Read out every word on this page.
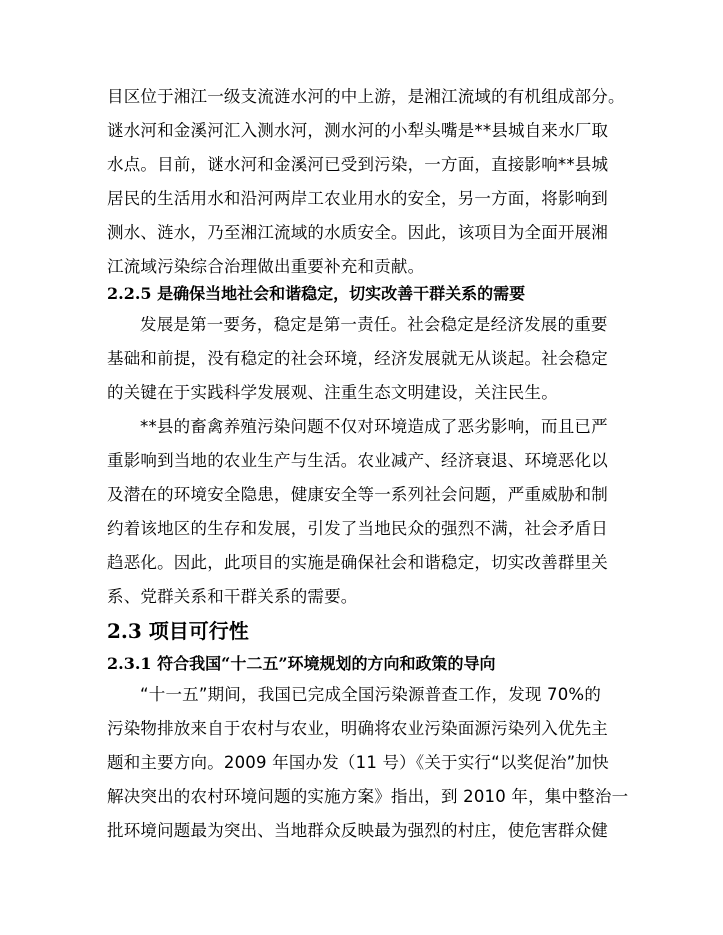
目区位于湘江一级支流涟水河的中上游，是湘江流域的有机组成部分。
谜水河和金溪河汇入测水河，测水河的小犁头嘴是**县城自来水厂取
水点。目前，谜水河和金溪河已受到污染，一方面，直接影响**县城
居民的生活用水和沿河两岸工农业用水的安全，另一方面，将影响到
测水、涟水，乃至湘江流域的水质安全。因此，该项目为全面开展湘
江流域污染综合治理做出重要补充和贡献。
2.2.5 是确保当地社会和谐稳定，切实改善干群关系的需要
发展是第一要务，稳定是第一责任。社会稳定是经济发展的重要
基础和前提，没有稳定的社会环境，经济发展就无从谈起。社会稳定
的关键在于实践科学发展观、注重生态文明建设，关注民生。
**县的畜禽养殖污染问题不仅对环境造成了恶劣影响，而且已严
重影响到当地的农业生产与生活。农业减产、经济衰退、环境恶化以
及潜在的环境安全隐患，健康安全等一系列社会问题，严重威胁和制
约着该地区的生存和发展，引发了当地民众的强烈不满，社会矛盾日
趋恶化。因此，此项目的实施是确保社会和谐稳定，切实改善群里关
系、党群关系和干群关系的需要。
2.3 项目可行性
2.3.1 符合我国“十二五”环境规划的方向和政策的导向
“十一五”期间，我国已完成全国污染源普查工作，发现 70%的
污染物排放来自于农村与农业，明确将农业污染面源污染列入优先主
题和主要方向。2009 年国办发（11 号）《关于实行“以奖促治”加快
解决突出的农村环境问题的实施方案》指出，到 2010 年，集中整治一
批环境问题最为突出、当地群众反映最为强烈的村庄，使危害群众健
